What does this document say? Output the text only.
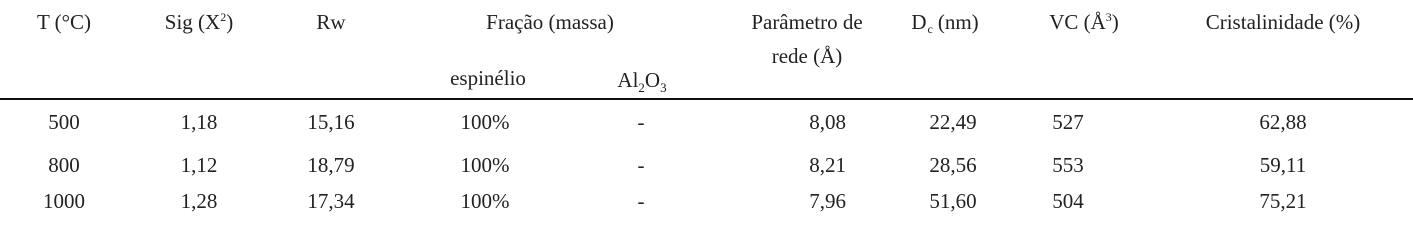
T (°C)	Sig $(X^2)$	Rw	Fração (massa)
espinélio	$Al_2O_3$
Parâmetro de
rede (Å)
Dc (nm)	VC $(Å^3)$	Cristalinidade (%)
500	1,18	15,16	100%	-	8,08	22,49	527	62,88
800	1,12	18,79	100%	-	8,21	28,56	553	59,11
1000	1,28	17,34	100%	-	7,96	51,60	504	75,21
